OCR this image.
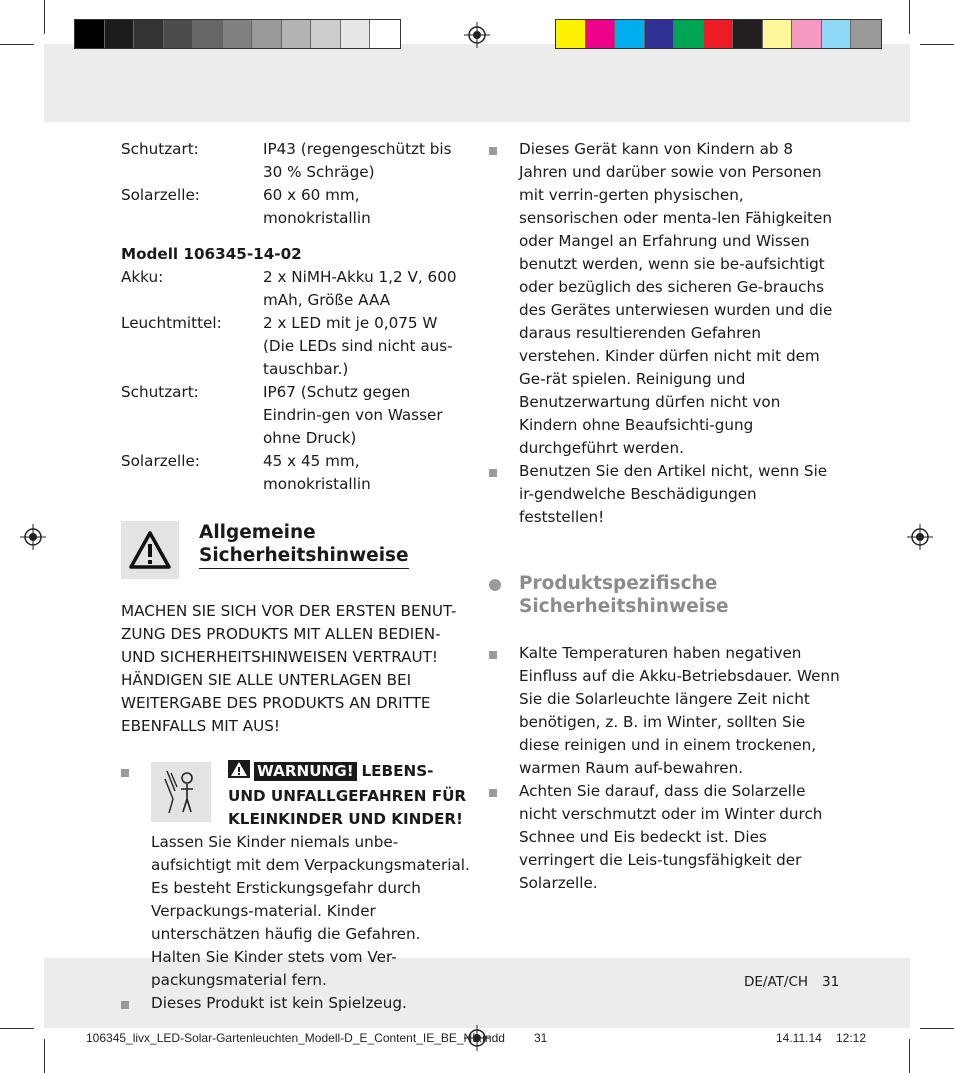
Schutzart:	IP43 (regengeschützt bis 30 % Schräge)
Solarzelle:	60 x 60 mm, monokristallin
Modell 106345-14-02
Akku:	2 x NiMH-Akku 1,2 V, 600 mAh, Größe AAA
Leuchtmittel:	2 x LED mit je 0,075 W (Die LEDs sind nicht aus-tauschbar.)
Schutzart:	IP67 (Schutz gegen Eindrin-gen von Wasser ohne Druck)
Solarzelle:	45 x 45 mm, monokristallin
Allgemeine
Sicherheitshinweise
MACHEN SIE SICH VOR DER ERSTEN BENUT-ZUNG DES PRODUKTS MIT ALLEN BEDIEN-UND SICHERHEITSHINWEISEN VERTRAUT! HÄNDIGEN SIE ALLE UNTERLAGEN BEI WEITERGABE DES PRODUKTS AN DRITTE EBENFALLS MIT AUS!
WARNUNG! LEBENS- UND UNFALLGEFAHREN FÜR KLEINKINDER UND KINDER! Lassen Sie Kinder niemals unbe-aufsichtigt mit dem Verpackungsmaterial. Es besteht Erstickungsgefahr durch Verpackungs-material. Kinder unterschätzen häufig die Gefahren. Halten Sie Kinder stets vom Ver-packungsmaterial fern.
Dieses Produkt ist kein Spielzeug.
Dieses Gerät kann von Kindern ab 8 Jahren und darüber sowie von Personen mit verrin-gerten physischen, sensorischen oder menta-len Fähigkeiten oder Mangel an Erfahrung und Wissen benutzt werden, wenn sie be-aufsichtigt oder bezüglich des sicheren Ge-brauchs des Gerätes unterwiesen wurden und die daraus resultierenden Gefahren verstehen. Kinder dürfen nicht mit dem Ge-rät spielen. Reinigung und Benutzerwartung dürfen nicht von Kindern ohne Beaufsichti-gung durchgeführt werden.
Benutzen Sie den Artikel nicht, wenn Sie ir-gendwelche Beschädigungen feststellen!
Produktspezifische
Sicherheitshinweise
Kalte Temperaturen haben negativen Einfluss auf die Akku-Betriebsdauer. Wenn Sie die Solarleuchte längere Zeit nicht benötigen, z. B. im Winter, sollten Sie diese reinigen und in einem trockenen, warmen Raum auf-bewahren.
Achten Sie darauf, dass die Solarzelle nicht verschmutzt oder im Winter durch Schnee und Eis bedeckt ist. Dies verringert die Leis-tungsfähigkeit der Solarzelle.
DE/AT/CH 31
106345_livx_LED-Solar-Gartenleuchten_Modell-D_E_Content_IE_BE_NL.indd 31	14.11.14 12:12
